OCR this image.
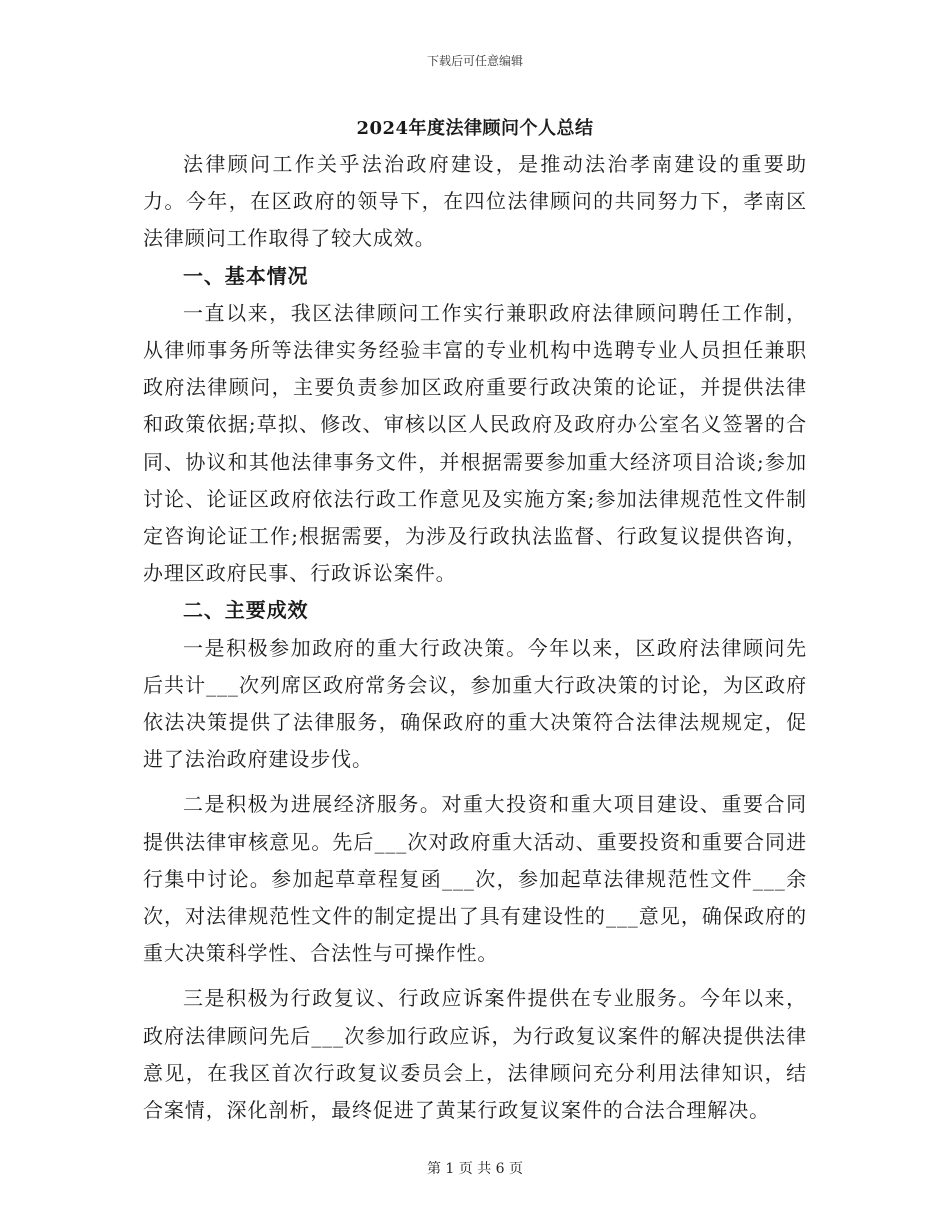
下载后可任意编辑
2024年度法律顾问个人总结

法律顾问工作关乎法治政府建设，是推动法治孝南建设的重要助力。今年，在区政府的领导下，在四位法律顾问的共同努力下，孝南区法律顾问工作取得了较大成效。

一、基本情况

一直以来，我区法律顾问工作实行兼职政府法律顾问聘任工作制，从律师事务所等法律实务经验丰富的专业机构中选聘专业人员担任兼职政府法律顾问，主要负责参加区政府重要行政决策的论证，并提供法律和政策依据;草拟、修改、审核以区人民政府及政府办公室名义签署的合同、协议和其他法律事务文件，并根据需要参加重大经济项目洽谈;参加讨论、论证区政府依法行政工作意见及实施方案;参加法律规范性文件制定咨询论证工作;根据需要，为涉及行政执法监督、行政复议提供咨询，办理区政府民事、行政诉讼案件。

二、主要成效

一是积极参加政府的重大行政决策。今年以来，区政府法律顾问先后共计___次列席区政府常务会议，参加重大行政决策的讨论，为区政府依法决策提供了法律服务，确保政府的重大决策符合法律法规规定，促进了法治政府建设步伐。

二是积极为进展经济服务。对重大投资和重大项目建设、重要合同提供法律审核意见。先后___次对政府重大活动、重要投资和重要合同进行集中讨论。参加起草章程复函___次，参加起草法律规范性文件___余次，对法律规范性文件的制定提出了具有建设性的___意见，确保政府的重大决策科学性、合法性与可操作性。

三是积极为行政复议、行政应诉案件提供在专业服务。今年以来，政府法律顾问先后___次参加行政应诉，为行政复议案件的解决提供法律意见，在我区首次行政复议委员会上，法律顾问充分利用法律知识，结合案情，深化剖析，最终促进了黄某行政复议案件的合法合理解决。

第 1 页 共 6 页
